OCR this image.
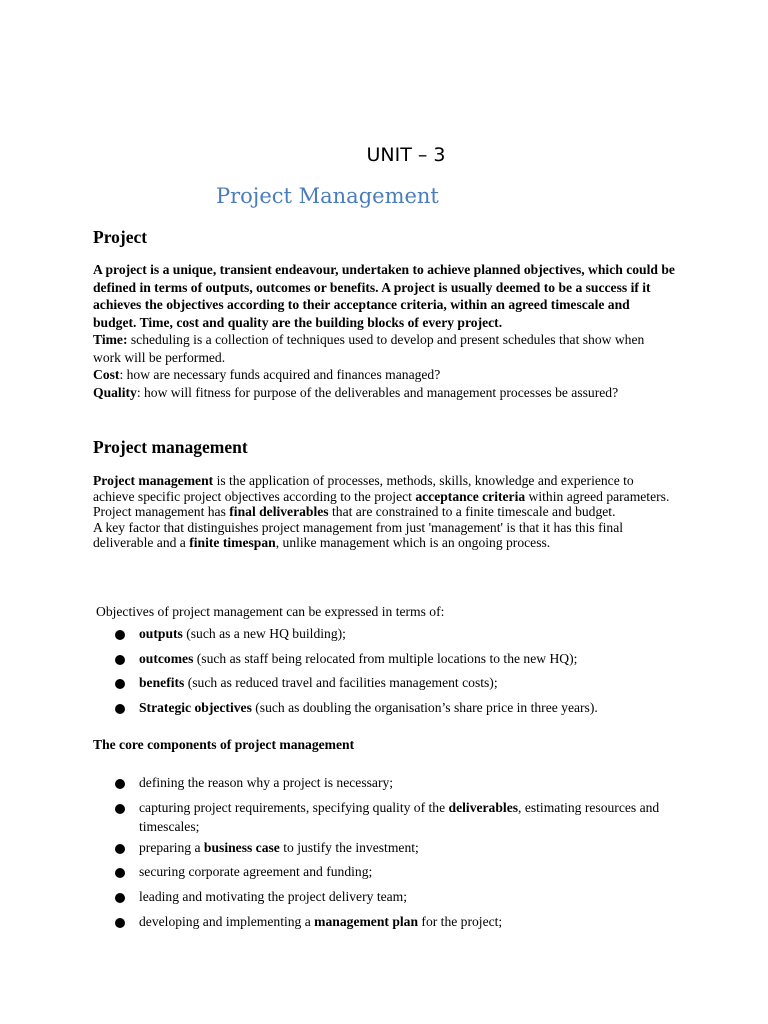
UNIT – 3
Project Management
Project
A project is a unique, transient endeavour, undertaken to achieve planned objectives, which could be defined in terms of outputs, outcomes or benefits. A project is usually deemed to be a success if it achieves the objectives according to their acceptance criteria, within an agreed timescale and budget. Time, cost and quality are the building blocks of every project.

Time: scheduling is a collection of techniques used to develop and present schedules that show when work will be performed.

Cost: how are necessary funds acquired and finances managed?

Quality: how will fitness for purpose of the deliverables and management processes be assured?

Project management

Project management is the application of processes, methods, skills, knowledge and experience to achieve specific project objectives according to the project acceptance criteria within agreed parameters. Project management has final deliverables that are constrained to a finite timescale and budget.

A key factor that distinguishes project management from just 'management' is that it has this final deliverable and a finite timespan, unlike management which is an ongoing process.

Objectives of project management can be expressed in terms of:
outputs (such as a new HQ building);
outcomes (such as staff being relocated from multiple locations to the new HQ);
benefits (such as reduced travel and facilities management costs);
Strategic objectives (such as doubling the organisation’s share price in three years).
The core components of project management
defining the reason why a project is necessary;
capturing project requirements, specifying quality of the deliverables, estimating resources and timescales;
preparing a business case to justify the investment;
securing corporate agreement and funding;
leading and motivating the project delivery team;
developing and implementing a management plan for the project;
